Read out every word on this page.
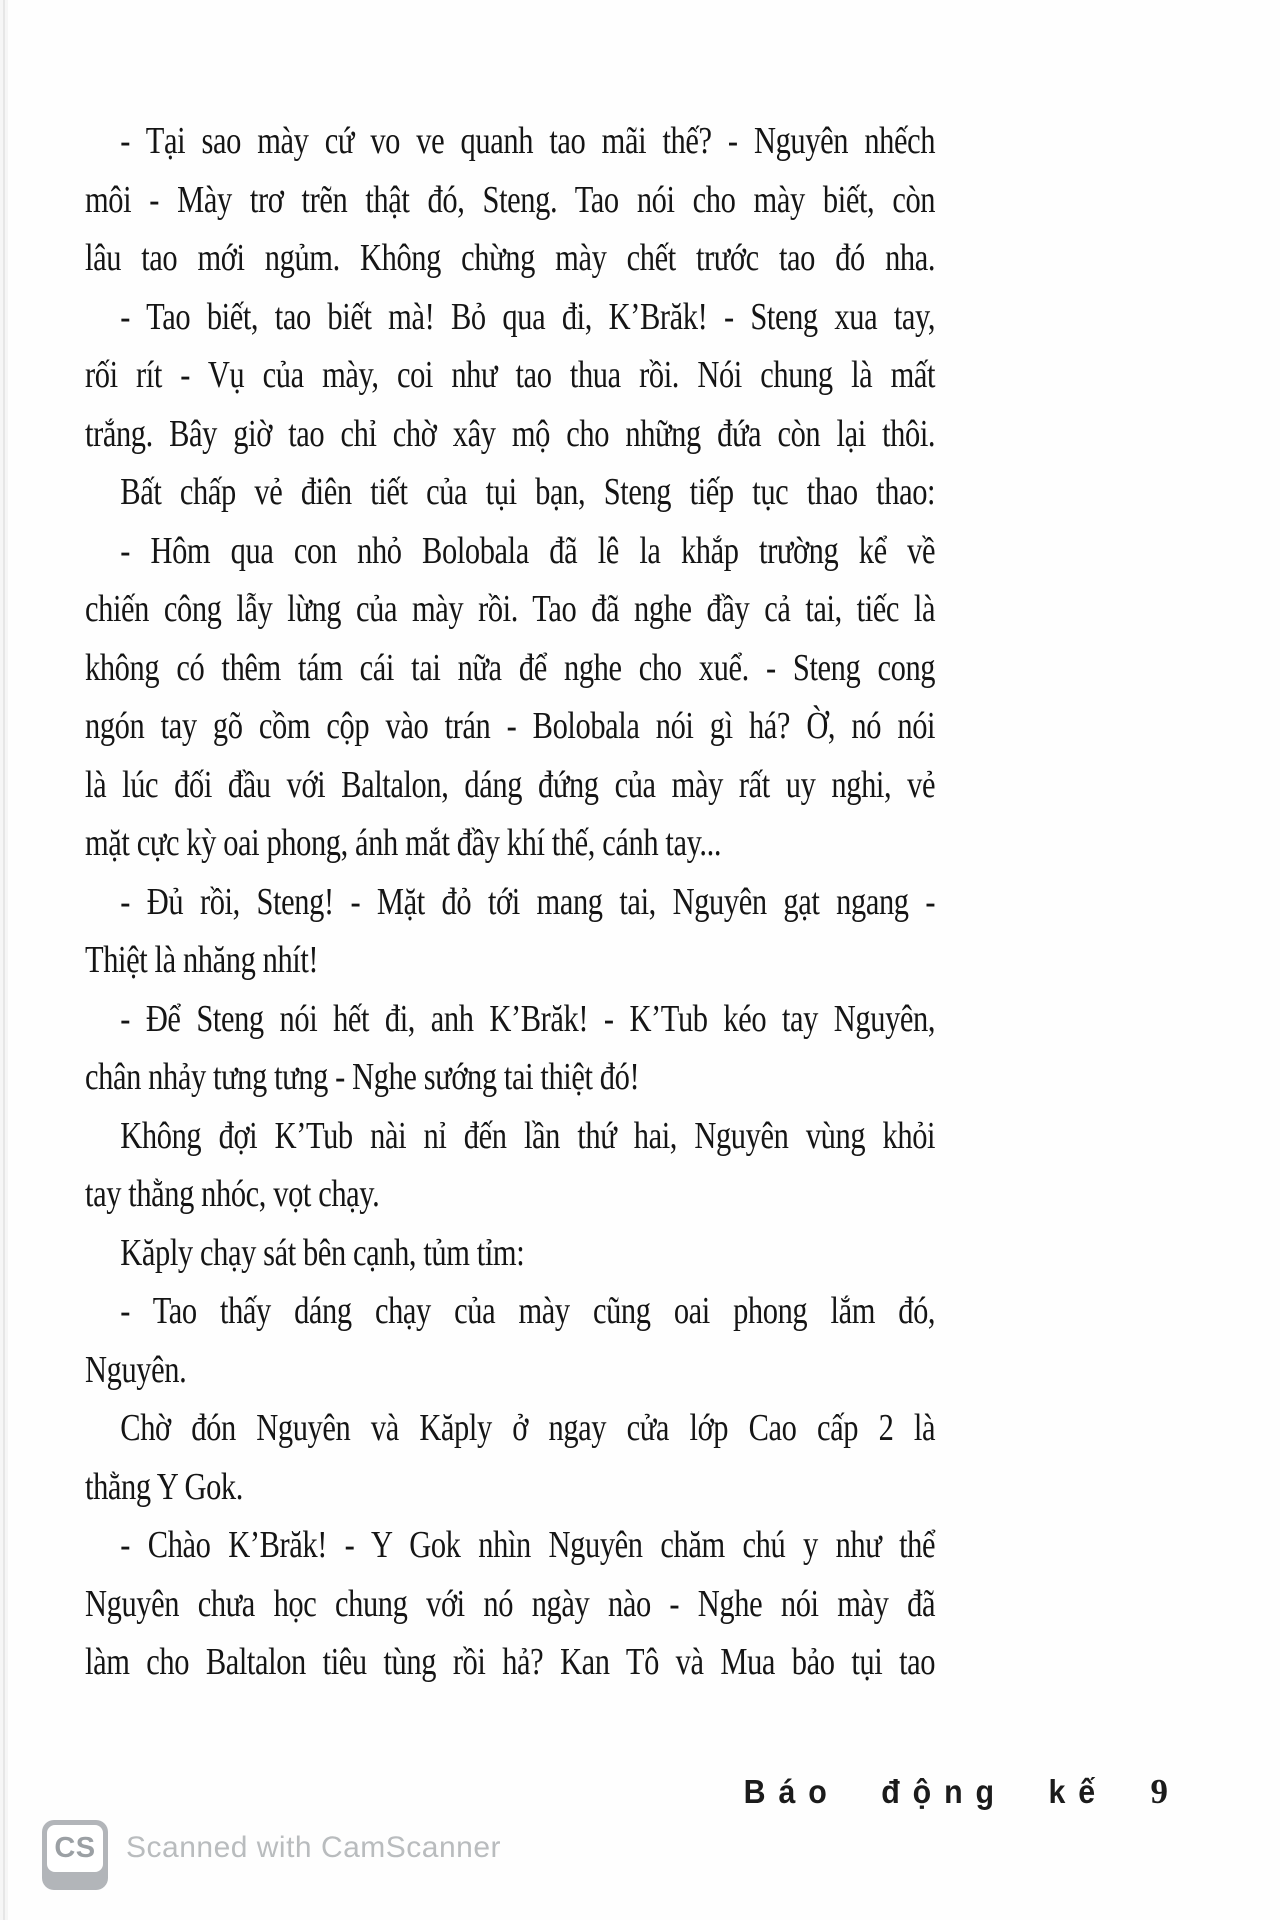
- Tại sao mày cứ vo ve quanh tao mãi thế? - Nguyên nhếch
môi - Mày trơ trẽn thật đó, Steng. Tao nói cho mày biết, còn
lâu tao mới ngủm. Không chừng mày chết trước tao đó nha.
- Tao biết, tao biết mà! Bỏ qua đi, K’Brăk! - Steng xua tay,
rối rít - Vụ của mày, coi như tao thua rồi. Nói chung là mất
trắng. Bây giờ tao chỉ chờ xây mộ cho những đứa còn lại thôi.
Bất chấp vẻ điên tiết của tụi bạn, Steng tiếp tục thao thao:
- Hôm qua con nhỏ Bolobala đã lê la khắp trường kể về
chiến công lẫy lừng của mày rồi. Tao đã nghe đầy cả tai, tiếc là
không có thêm tám cái tai nữa để nghe cho xuể. - Steng cong
ngón tay gõ cồm cộp vào trán - Bolobala nói gì há? Ờ, nó nói
là lúc đối đầu với Baltalon, dáng đứng của mày rất uy nghi, vẻ
mặt cực kỳ oai phong, ánh mắt đầy khí thế, cánh tay...
- Đủ rồi, Steng! - Mặt đỏ tới mang tai, Nguyên gạt ngang -
Thiệt là nhăng nhít!
- Để Steng nói hết đi, anh K’Brăk! - K’Tub kéo tay Nguyên,
chân nhảy tưng tưng - Nghe sướng tai thiệt đó!
Không đợi K’Tub nài nỉ đến lần thứ hai, Nguyên vùng khỏi
tay thằng nhóc, vọt chạy.
Kăply chạy sát bên cạnh, tủm tỉm:
- Tao thấy dáng chạy của mày cũng oai phong lắm đó,
Nguyên.
Chờ đón Nguyên và Kăply ở ngay cửa lớp Cao cấp 2 là
thằng Y Gok.
- Chào K’Brăk! - Y Gok nhìn Nguyên chăm chú y như thể
Nguyên chưa học chung với nó ngày nào - Nghe nói mày đã
làm cho Baltalon tiêu tùng rồi hả? Kan Tô và Mua bảo tụi tao
Báo động kế 9
CS Scanned with CamScanner
